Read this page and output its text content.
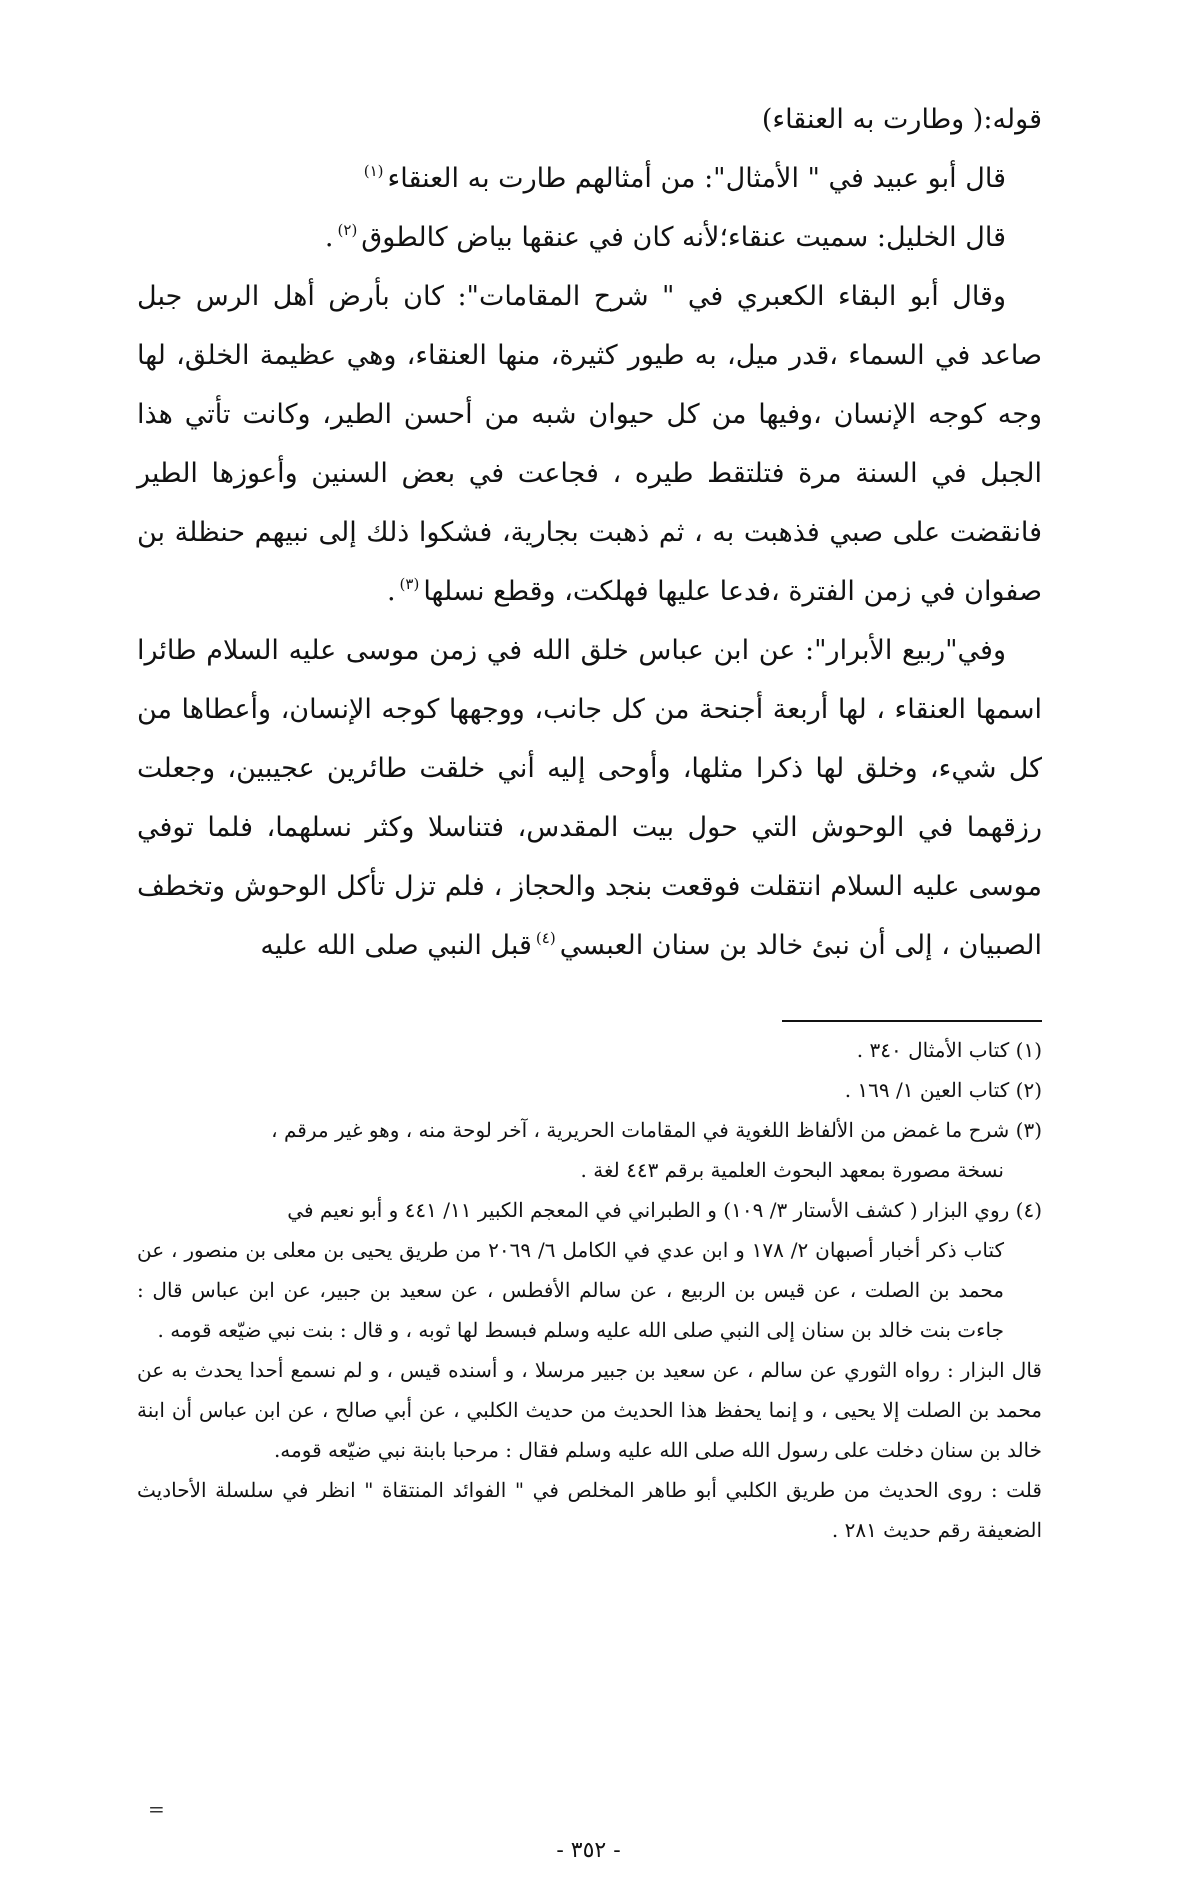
قوله:( وطارت به العنقاء)

قال أبو عبيد في " الأمثال": من أمثالهم طارت به العنقاء$^{(١)}$

قال الخليل: سميت عنقاء؛لأنه كان في عنقها بياض كالطوق$^{(٢)}$.

وقال أبو البقاء الكعبري في " شرح المقامات": كان بأرض أهل الرس جبل صاعد في السماء ،قدر ميل، به طيور كثيرة، منها العنقاء، وهي عظيمة الخلق، لها وجه كوجه الإنسان ،وفيها من كل حيوان شبه من أحسن الطير، وكانت تأتي هذا الجبل في السنة مرة فتلتقط طيره ، فجاعت في بعض السنين وأعوزها الطير فانقضت على صبي فذهبت به ، ثم ذهبت بجارية، فشكوا ذلك إلى نبيهم حنظلة بن صفوان في زمن الفترة ،فدعا عليها فهلكت، وقطع نسلها$^{(٣)}$.

وفي"ربيع الأبرار": عن ابن عباس خلق الله في زمن موسى عليه السلام طائرا اسمها العنقاء ، لها أربعة أجنحة من كل جانب، ووجهها كوجه الإنسان، وأعطاها من كل شيء، وخلق لها ذكرا مثلها، وأوحى إليه أني خلقت طائرين عجيبين، وجعلت رزقهما في الوحوش التي حول بيت المقدس، فتناسلا وكثر نسلهما، فلما توفي موسى عليه السلام انتقلت فوقعت بنجد والحجاز ، فلم تزل تأكل الوحوش وتخطف الصبيان ، إلى أن نبئ خالد بن سنان العبسي$^{(٤)}$قبل النبي صلى الله عليه

(١) كتاب الأمثال ٣٤٠ .

(٢) كتاب العين ١/ ١٦٩ .

(٣) شرح ما غمض من الألفاظ اللغوية في المقامات الحريرية ، آخر لوحة منه ، وهو غير مرقم ،

نسخة مصورة بمعهد البحوث العلمية برقم ٤٤٣ لغة .

(٤) روي البزار ( كشف الأستار ٣/ ١٠٩) و الطبراني في المعجم الكبير ١١/ ٤٤١ و أبو نعيم في

كتاب ذكر أخبار أصبهان ٢/ ١٧٨ و ابن عدي في الكامل ٦/ ٢٠٦٩ من طريق يحيى بن معلى بن منصور ، عن محمد بن الصلت ، عن قيس بن الربيع ، عن سالم الأفطس ، عن سعيد بن جبير، عن ابن عباس قال : جاءت بنت خالد بن سنان إلى النبي صلى الله عليه وسلم فبسط لها ثوبه ، و قال : بنت نبي ضيّعه قومه .

قال البزار : رواه الثوري عن سالم ، عن سعيد بن جبير مرسلا ، و أسنده قيس ، و لم نسمع أحدا يحدث به عن محمد بن الصلت إلا يحيى ، و إنما يحفظ هذا الحديث من حديث الكلبي ، عن أبي صالح ، عن ابن عباس أن ابنة خالد بن سنان دخلت على رسول الله صلى الله عليه وسلم فقال : مرحبا بابنة نبي ضيّعه قومه.

قلت : روى الحديث من طريق الكلبي أبو طاهر المخلص في " الفوائد المنتقاة " انظر في سلسلة الأحاديث الضعيفة رقم حديث ٢٨١ .

=
- ٣٥٢ -
